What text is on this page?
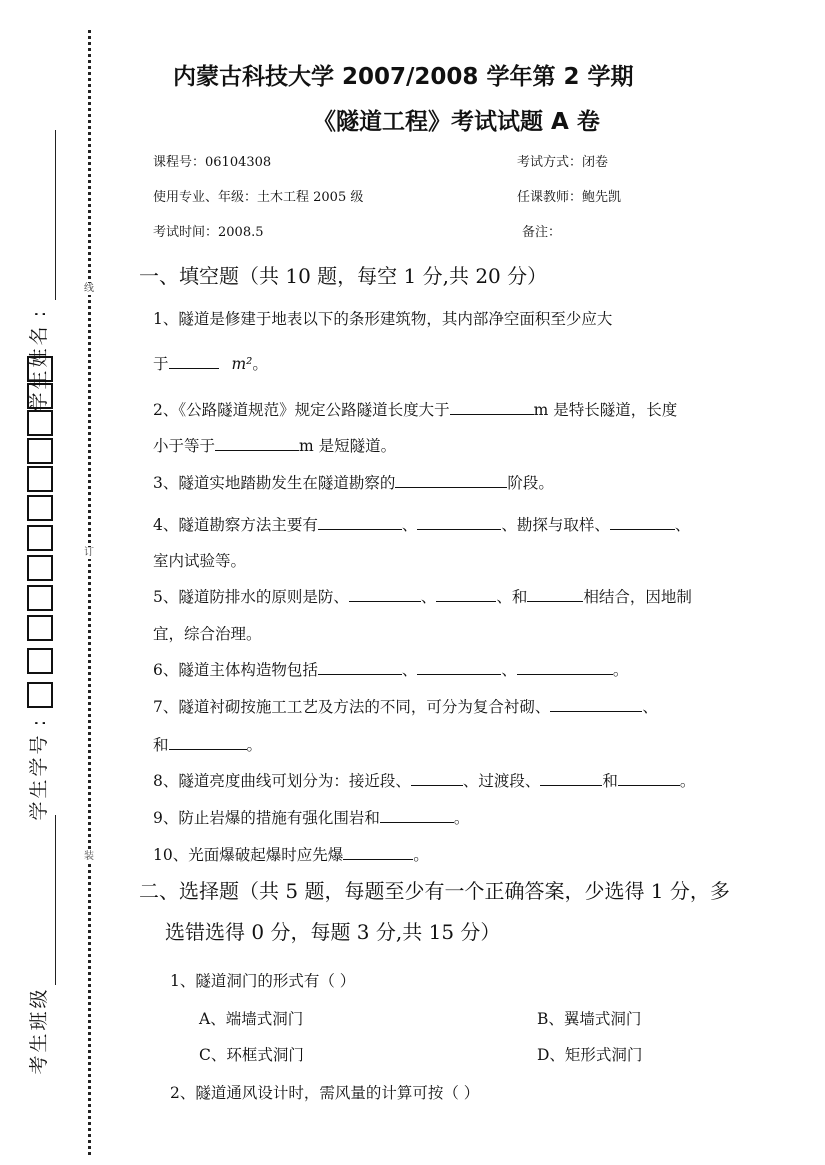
线
订
装
:
名
姓
生
学
:
号
学
生
学
级
班
生
考
内蒙古科技大学 2007/2008 学年第 2 学期
《隧道工程》考试试题 A 卷
课程号：06104308	考试方式：闭卷
使用专业、年级：土木工程 2005 级	任课教师：鲍先凯
考试时间：2008.5	备注：
一、填空题（共 10 题，每空 1 分,共 20 分）
1、隧道是修建于地表以下的条形建筑物，其内部净空面积至少应大
于	m²。
2、《公路隧道规范》规定公路隧道长度大于	m 是特长隧道，长度
小于等于	m 是短隧道。
3、隧道实地踏勘发生在隧道勘察的	阶段。
4、隧道勘察方法主要有	、	、勘探与取样、	、
室内试验等。
5、隧道防排水的原则是防、	、	、和	相结合，因地制
宜，综合治理。
6、隧道主体构造物包括	、	、	。
7、隧道衬砌按施工工艺及方法的不同，可分为复合衬砌、	、
和	。
8、隧道亮度曲线可划分为：接近段、	、过渡段、	和	。
9、防止岩爆的措施有强化围岩和	。
10、光面爆破起爆时应先爆	。
二、选择题（共 5 题，每题至少有一个正确答案，少选得 1 分，多
选错选得 0 分，每题 3 分,共 15 分）
1、隧道洞门的形式有（ ）
A、端墙式洞门	B、翼墙式洞门
C、环框式洞门	D、矩形式洞门
2、隧道通风设计时，需风量的计算可按（ ）
